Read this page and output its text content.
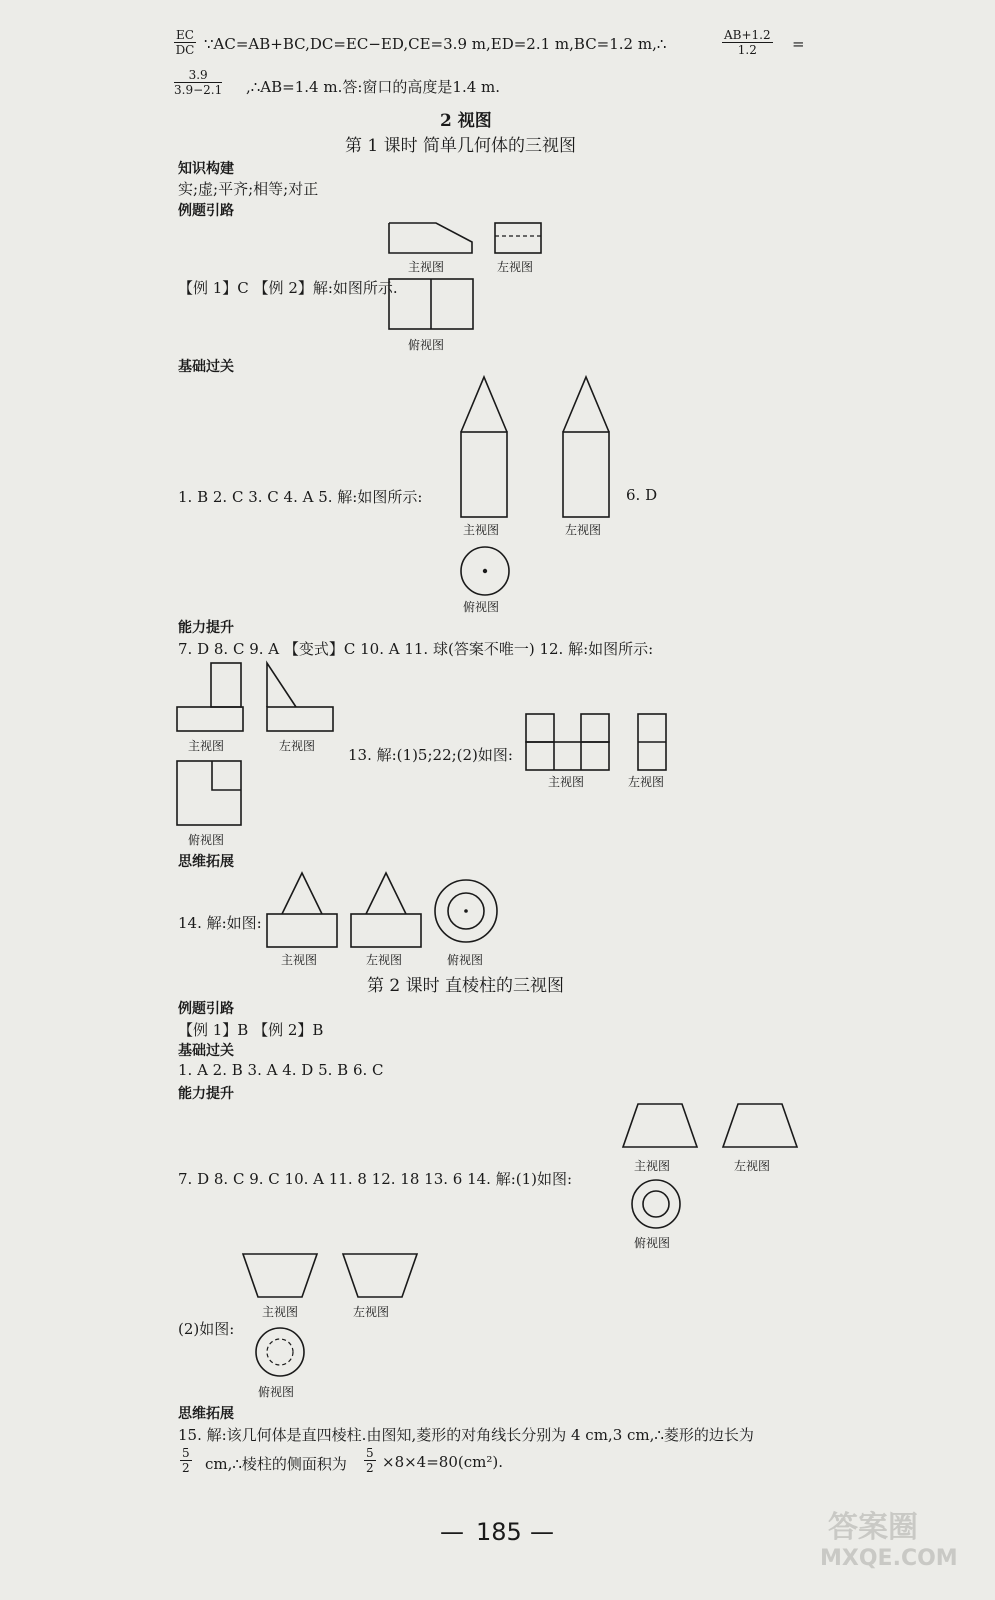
$\frac{EC}{DC}$ ∵AC=AB+BC,DC=EC−ED,CE=3.9 m,ED=2.1 m,BC=1.2 m,∴	$\frac{AB+1.2}{1.2}$ =
$\frac{3.9}{3.9-2.1}$ ,∴AB=1.4 m.答:窗口的高度是1.4 m.
2 视图
第 1 课时 简单几何体的三视图
知识构建
实;虚;平齐;相等;对正
例题引路
主视图	左视图
【例 1】C 【例 2】解:如图所示.
俯视图
基础过关
主视图	左视图
1. B 2. C 3. C 4. A 5. 解:如图所示:	6. D
俯视图
能力提升
7. D 8. C 9. A 【变式】C 10. A 11. 球(答案不唯一) 12. 解:如图所示:
主视图	左视图
俯视图
13. 解:(1)5;22;(2)如图:
主视图	左视图
思维拓展
14. 解:如图:
主视图	左视图	俯视图
第 2 课时 直棱柱的三视图
例题引路
【例 1】B 【例 2】B
基础过关
1. A 2. B 3. A 4. D 5. B 6. C
能力提升
主视图	左视图
7. D 8. C 9. C 10. A 11. 8 12. 18 13. 6 14. 解:(1)如图:
俯视图
主视图	左视图
(2)如图:
俯视图
思维拓展
15. 解:该几何体是直四棱柱.由图知,菱形的对角线长分别为 4 cm,3 cm,∴菱形的边长为
$\frac{5}{2}$ cm,∴棱柱的侧面积为 $\frac{5}{2} \times 8\times 4=80(cm^2)$.
— 185 —	答案圈
MXQE.COM
